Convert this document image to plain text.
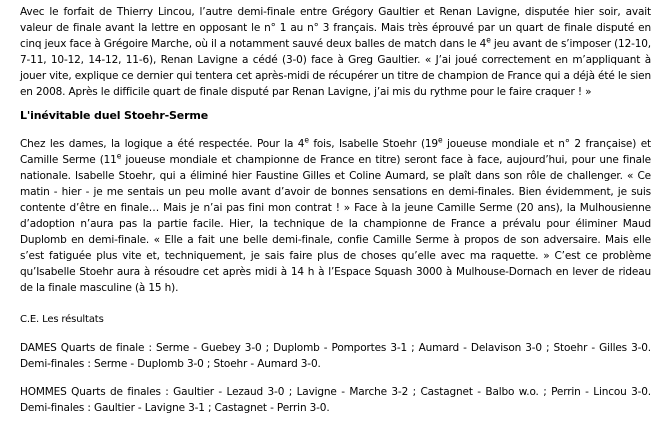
Avec le forfait de Thierry Lincou, l’autre demi-finale entre Grégory Gaultier et Renan Lavigne, disputée hier soir, avait valeur de finale avant la lettre en opposant le n° 1 au n° 3 français. Mais très éprouvé par un quart de finale disputé en cinq jeux face à Grégoire Marche, où il a notamment sauvé deux balles de match dans le 4e jeu avant de s’imposer (12-10, 7-11, 10-12, 14-12, 11-6), Renan Lavigne a cédé (3-0) face à Greg Gaultier. « J’ai joué correctement en m’appliquant à jouer vite, explique ce dernier qui tentera cet après-midi de récupérer un titre de champion de France qui a déjà été le sien en 2008. Après le difficile quart de finale disputé par Renan Lavigne, j’ai mis du rythme pour le faire craquer ! »

L'inévitable duel Stoehr-Serme

Chez les dames, la logique a été respectée. Pour la 4e fois, Isabelle Stoehr (19e joueuse mondiale et n° 2 française) et Camille Serme (11e joueuse mondiale et championne de France en titre) seront face à face, aujourd’hui, pour une finale nationale. Isabelle Stoehr, qui a éliminé hier Faustine Gilles et Coline Aumard, se plaît dans son rôle de challenger. « Ce matin - hier - je me sentais un peu molle avant d’avoir de bonnes sensations en demi-finales. Bien évidemment, je suis contente d’être en finale… Mais je n’ai pas fini mon contrat ! » Face à la jeune Camille Serme (20 ans), la Mulhousienne d’adoption n’aura pas la partie facile. Hier, la technique de la championne de France a prévalu pour éliminer Maud Duplomb en demi-finale. « Elle a fait une belle demi-finale, confie Camille Serme à propos de son adversaire. Mais elle s’est fatiguée plus vite et, techniquement, je sais faire plus de choses qu’elle avec ma raquette. » C’est ce problème qu’Isabelle Stoehr aura à résoudre cet après midi à 14 h à l’Espace Squash 3000 à Mulhouse-Dornach en lever de rideau de la finale masculine (à 15 h).

C.E. Les résultats

DAMES Quarts de finale : Serme - Guebey 3-0 ; Duplomb - Pomportes 3-1 ; Aumard - Delavison 3-0 ; Stoehr - Gilles 3-0. Demi-finales : Serme - Duplomb 3-0 ; Stoehr - Aumard 3-0.

HOMMES Quarts de finales : Gaultier - Lezaud 3-0 ; Lavigne - Marche 3-2 ; Castagnet - Balbo w.o. ; Perrin - Lincou 3-0. Demi-finales : Gaultier - Lavigne 3-1 ; Castagnet - Perrin 3-0.
